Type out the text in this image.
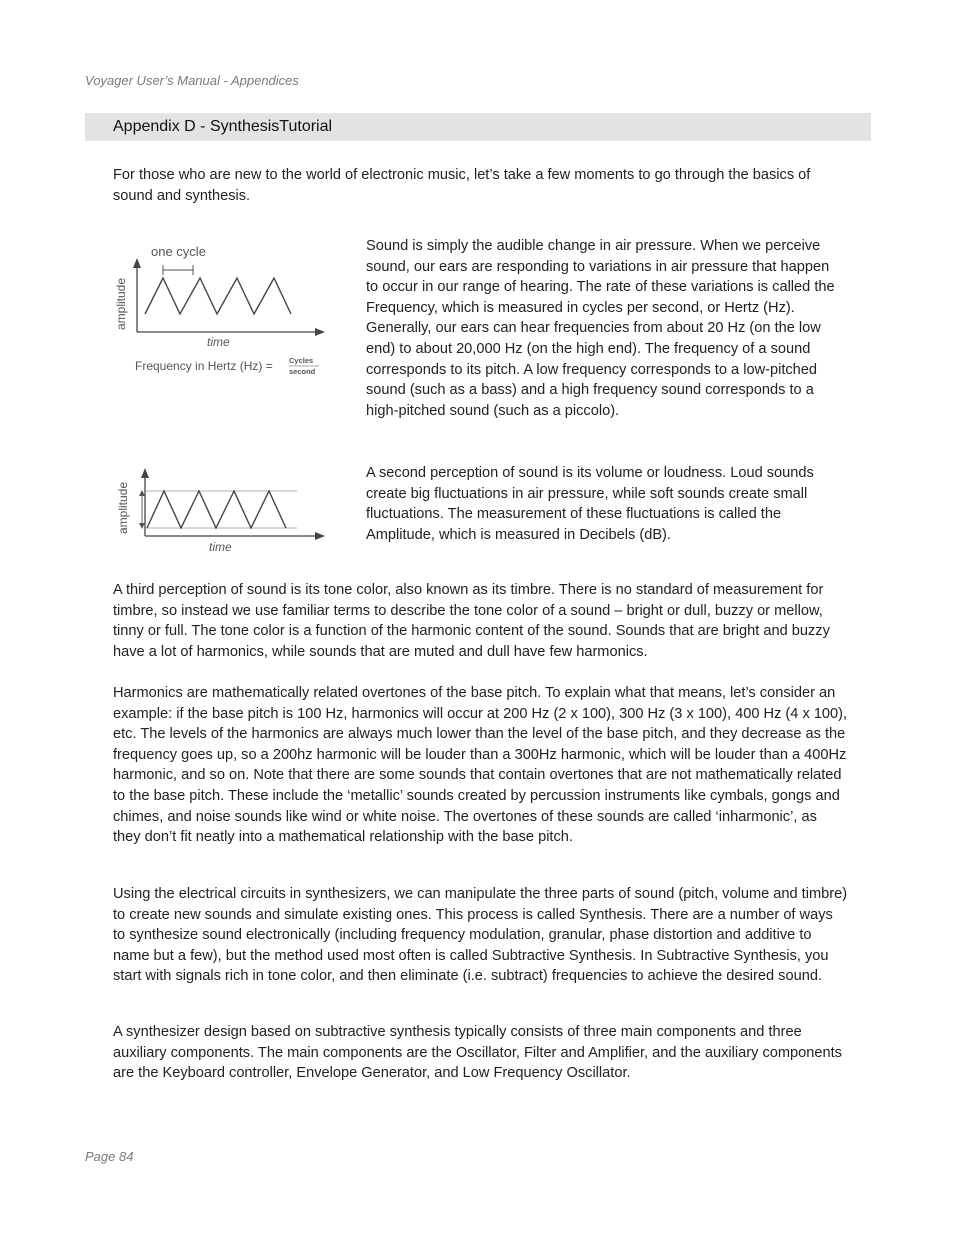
Voyager User’s Manual - Appendices
Appendix D - SynthesisTutorial

For those who are new to the world of electronic music, let’s take a few moments to go through the basics of sound and synthesis.

one cycle
amplitude
time
Frequency in Hertz (Hz) = Cycles
second

Sound is simply the audible change in air pressure. When we perceive sound, our ears are responding to variations in air pressure that happen to occur in our range of hearing. The rate of these variations is called the Frequency, which is measured in cycles per second, or Hertz (Hz). Generally, our ears can hear frequencies from about 20 Hz (on the low end) to about 20,000 Hz (on the high end). The frequency of a sound corresponds to its pitch. A low frequency corresponds to a low-pitched sound (such as a bass) and a high frequency sound corresponds to a high-pitched sound (such as a piccolo).

amplitude
time

A second perception of sound is its volume or loudness. Loud sounds create big fluctuations in air pressure, while soft sounds create small fluctuations. The measurement of these fluctuations is called the Amplitude, which is measured in Decibels (dB).

A third perception of sound is its tone color, also known as its timbre. There is no standard of measurement for timbre, so instead we use familiar terms to describe the tone color of a sound – bright or dull, buzzy or mellow, tinny or full. The tone color is a function of the harmonic content of the sound. Sounds that are bright and buzzy have a lot of harmonics, while sounds that are muted and dull have few harmonics.

Harmonics are mathematically related overtones of the base pitch. To explain what that means, let’s consider an example: if the base pitch is 100 Hz, harmonics will occur at 200 Hz (2 x 100), 300 Hz (3 x 100), 400 Hz (4 x 100), etc. The levels of the harmonics are always much lower than the level of the base pitch, and they decrease as the frequency goes up, so a 200hz harmonic will be louder than a 300Hz harmonic, which will be louder than a 400Hz harmonic, and so on. Note that there are some sounds that contain overtones that are not mathematically related to the base pitch. These include the ‘metallic’ sounds created by percussion instruments like cymbals, gongs and chimes, and noise sounds like wind or white noise. The overtones of these sounds are called ‘inharmonic’, as they don’t fit neatly into a mathematical relationship with the base pitch.

Using the electrical circuits in synthesizers, we can manipulate the three parts of sound (pitch, volume and timbre) to create new sounds and simulate existing ones. This process is called Synthesis. There are a number of ways to synthesize sound electronically (including frequency modulation, granular, phase distortion and additive to name but a few), but the method used most often is called Subtractive Synthesis. In Subtractive Synthesis, you start with signals rich in tone color, and then eliminate (i.e. subtract) frequencies to achieve the desired sound.

A synthesizer design based on subtractive synthesis typically consists of three main components and three auxiliary components. The main components are the Oscillator, Filter and Amplifier, and the auxiliary components are the Keyboard controller, Envelope Generator, and Low Frequency Oscillator.

Page 84
